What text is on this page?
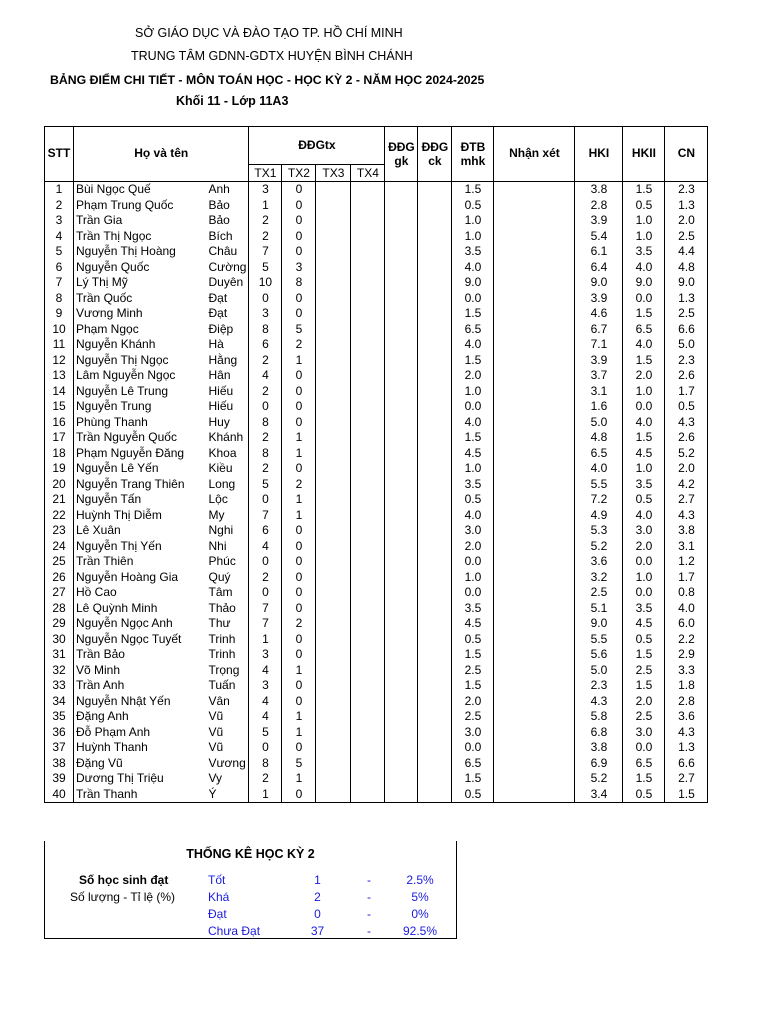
SỞ GIÁO DỤC VÀ ĐÀO TẠO TP. HỒ CHÍ MINH
TRUNG TÂM GDNN-GDTX HUYỆN BÌNH CHÁNH
BẢNG ĐIỂM CHI TIẾT - MÔN TOÁN HỌC - HỌC KỲ 2 - NĂM HỌC 2024-2025
Khối 11 - Lớp 11A3
STT	Họ và tên		ĐĐGtx				ĐĐG gk	ĐĐG ck	ĐTB mhk	Nhận xét	HKI	HKII	CN
			TX1	TX2	TX3	TX4							
1	Bùi Ngọc Quế	Anh	3	0					1.5		3.8	1.5	2.3
2	Phạm Trung Quốc	Bảo	1	0					0.5		2.8	0.5	1.3
3	Trần Gia	Bảo	2	0					1.0		3.9	1.0	2.0
4	Trần Thị Ngọc	Bích	2	0					1.0		5.4	1.0	2.5
5	Nguyễn Thị Hoàng	Châu	7	0					3.5		6.1	3.5	4.4
6	Nguyễn Quốc	Cường	5	3					4.0		6.4	4.0	4.8
7	Lý Thị Mỹ	Duyên	10	8					9.0		9.0	9.0	9.0
8	Trần Quốc	Đạt	0	0					0.0		3.9	0.0	1.3
9	Vương Minh	Đạt	3	0					1.5		4.6	1.5	2.5
10	Phạm Ngọc	Điệp	8	5					6.5		6.7	6.5	6.6
11	Nguyễn Khánh	Hà	6	2					4.0		7.1	4.0	5.0
12	Nguyễn Thị Ngọc	Hằng	2	1					1.5		3.9	1.5	2.3
13	Lâm Nguyễn Ngọc	Hân	4	0					2.0		3.7	2.0	2.6
14	Nguyễn Lê Trung	Hiếu	2	0					1.0		3.1	1.0	1.7
15	Nguyễn Trung	Hiếu	0	0					0.0		1.6	0.0	0.5
16	Phùng Thanh	Huy	8	0					4.0		5.0	4.0	4.3
17	Trần Nguyễn Quốc	Khánh	2	1					1.5		4.8	1.5	2.6
18	Phạm Nguyễn Đăng	Khoa	8	1					4.5		6.5	4.5	5.2
19	Nguyễn Lê Yến	Kiều	2	0					1.0		4.0	1.0	2.0
20	Nguyễn Trang Thiên	Long	5	2					3.5		5.5	3.5	4.2
21	Nguyễn Tấn	Lộc	0	1					0.5		7.2	0.5	2.7
22	Huỳnh Thị Diễm	My	7	1					4.0		4.9	4.0	4.3
23	Lê Xuân	Nghi	6	0					3.0		5.3	3.0	3.8
24	Nguyễn Thị Yến	Nhi	4	0					2.0		5.2	2.0	3.1
25	Trần Thiên	Phúc	0	0					0.0		3.6	0.0	1.2
26	Nguyễn Hoàng Gia	Quý	2	0					1.0		3.2	1.0	1.7
27	Hồ Cao	Tâm	0	0					0.0		2.5	0.0	0.8
28	Lê Quỳnh Minh	Thảo	7	0					3.5		5.1	3.5	4.0
29	Nguyễn Ngọc Anh	Thư	7	2					4.5		9.0	4.5	6.0
30	Nguyễn Ngọc Tuyết	Trinh	1	0					0.5		5.5	0.5	2.2
31	Trần Bảo	Trinh	3	0					1.5		5.6	1.5	2.9
32	Võ Minh	Trọng	4	1					2.5		5.0	2.5	3.3
33	Trần Anh	Tuấn	3	0					1.5		2.3	1.5	1.8
34	Nguyễn Nhật Yến	Vân	4	0					2.0		4.3	2.0	2.8
35	Đặng Anh	Vũ	4	1					2.5		5.8	2.5	3.6
36	Đỗ Phạm Anh	Vũ	5	1					3.0		6.8	3.0	4.3
37	Huỳnh Thanh	Vũ	0	0					0.0		3.8	0.0	1.3
38	Đặng Vũ	Vương	8	5					6.5		6.9	6.5	6.6
39	Dương Thị Triệu	Vy	2	1					1.5		5.2	1.5	2.7
40	Trần Thanh	Ý	1	0					0.5		3.4	0.5	1.5
THỐNG KÊ HỌC KỲ 2
Số học sinh đạt
Số lượng - Tỉ lệ (%)
Tốt	1	-	2.5%
Khá	2	-	5%
Đạt	0	-	0%
Chưa Đạt	37	-	92.5%
